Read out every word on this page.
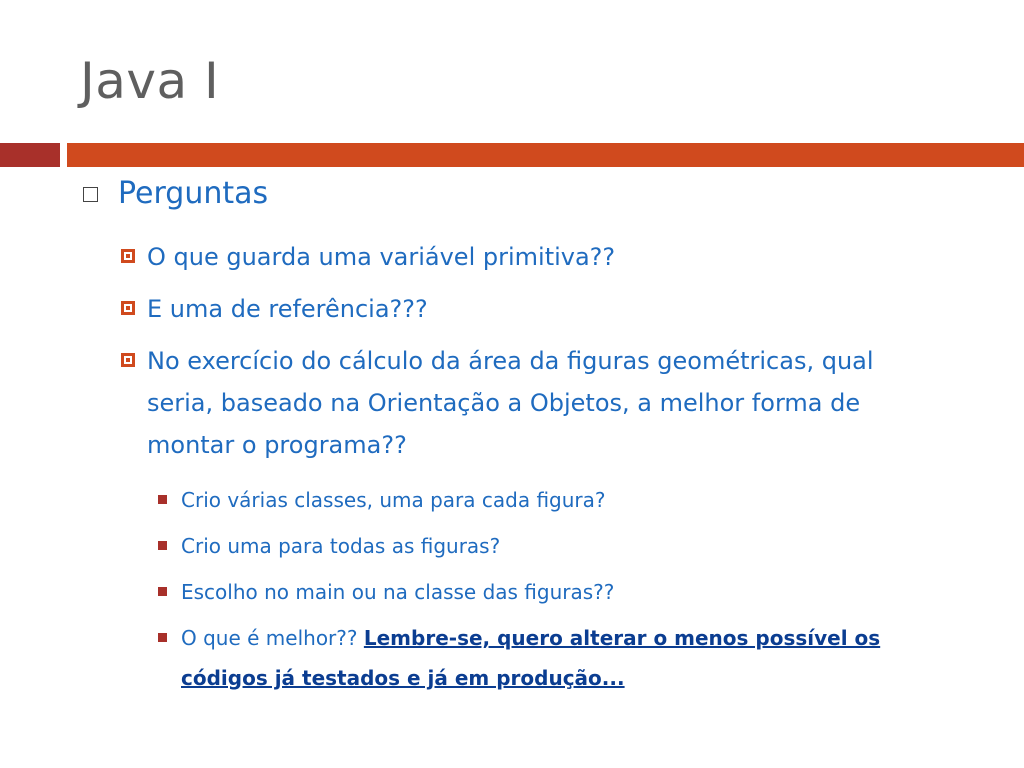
Java I
Perguntas
O que guarda uma variável primitiva??
E uma de referência???
No exercício do cálculo da área da figuras geométricas, qual seria, baseado na Orientação a Objetos, a melhor forma de montar o programa??
Crio várias classes, uma para cada figura?
Crio uma para todas as figuras?
Escolho no main ou na classe das figuras??
O que é melhor?? Lembre-se, quero alterar o menos possível os códigos já testados e já em produção...
